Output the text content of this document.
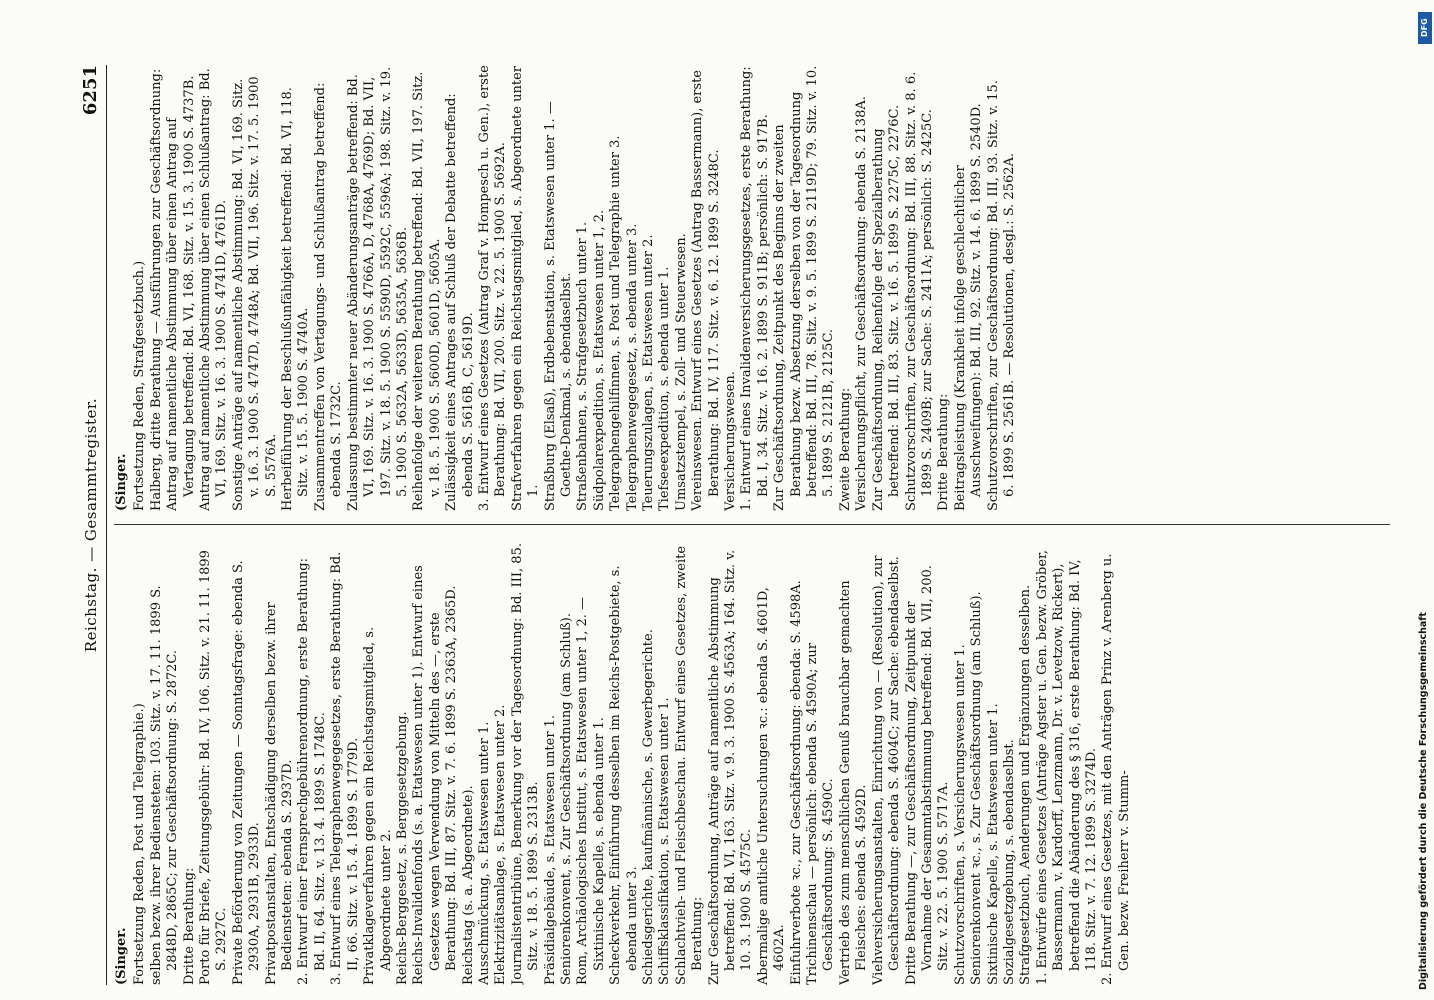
Reichstag. — Gesammtregister.
6251

(Singer. Fortsetzung Reden, Post und Telegraphie.) selben bezw. ihrer Bediensteten: 103. Sitz. v. 17. 11. 1899 S. 2848D, 2865C; zur Geschäftsordnung: S. 2872C. Dritte Berathung: Porto für Briefe, Zeitungsgebühr: Bd. IV, 106. Sitz. v. 21. 11. 1899 S. 2927C. Private Beförderung von Zeitungen — Sonntagsfrage: ebenda S. 2930A, 2931B, 2933D. Privatpostanstalten, Entschädigung derselben bezw. ihrer Bediensteten: ebenda S. 2937D. 2. Entwurf einer Fernsprechgebührenordnung, erste Berathung: Bd. II, 64. Sitz. v. 13. 4. 1899 S. 1748C. 3. Entwurf eines Telegraphenwegegesetzes, erste Berathung: Bd. II, 66. Sitz. v. 15. 4. 1899 S. 1779D. Privatklageverfahren gegen ein Reichstagsmitglied, s. Abgeordnete unter 2. Reichs-Berggesetz, s. Berggesetzgebung. Reichs-Invalidenfonds (s. a. Etatswesen unter 1). Entwurf eines Gesetzes wegen Verwendung von Mitteln des —, erste Berathung: Bd. III, 87. Sitz. v. 7. 6. 1899 S. 2363A, 2365D. Reichstag (s. a. Abgeordnete). Ausschmückung, s. Etatswesen unter 1. Elektrizitätsanlage, s. Etatswesen unter 2. Journalistentribüne, Bemerkung vor der Tagesordnung: Bd. III, 85. Sitz. v. 18. 5. 1899 S. 2313B. Präsidialgebäude, s. Etatswesen unter 1. Seniorenkonvent, s. Zur Geschäftsordnung (am Schluß). Rom, Archäologisches Institut, s. Etatswesen unter 1, 2. — Sixtinische Kapelle, s. ebenda unter 1. Scheckverkehr, Einführung desselben im Reichs-Postgebiete, s. ebenda unter 3. Schiedsgerichte, kaufmännische, s. Gewerbegerichte. Schiffsklassifikation, s. Etatswesen unter 1. Schlachtvieh- und Fleischbeschau. Entwurf eines Gesetzes, zweite Berathung: Zur Geschäftsordnung, Anträge auf namentliche Abstimmung betreffend: Bd. VI, 163. Sitz. v. 9. 3. 1900 S. 4563A; 164. Sitz. v. 10. 3. 1900 S. 4575C. Abermalige amtliche Untersuchungen ꝛc.: ebenda S. 4601D, 4602A. Einfuhrverbote ꝛc., zur Geschäftsordnung: ebenda: S. 4598A. Trichinenschau — persönlich: ebenda S. 4590A; zur Geschäftsordnung: S. 4590C. Vertrieb des zum menschlichen Genuß brauchbar gemachten Fleisches: ebenda S. 4592D. Viehversicherungsanstalten, Einrichtung von — (Resolution), zur Geschäftsordnung: ebenda S. 4604C; zur Sache: ebendaselbst. Dritte Berathung —, zur Geschäftsordnung, Zeitpunkt der Vornahme der Gesammtabstimmung betreffend: Bd. VII, 200. Sitz. v. 22. 5. 1900 S. 5717A. Schutzvorschriften, s. Versicherungswesen unter 1. Seniorenkonvent ꝛc., s. Zur Geschäftsordnung (am Schluß). Sixtinische Kapelle, s. Etatswesen unter 1. Sozialgesetzgebung, s. ebendaselbst. Strafgesetzbuch, Aenderungen und Ergänzungen desselben. 1. Entwürfe eines Gesetzes (Anträge Agster u. Gen. bezw. Gröber, Bassermann, v. Kardorff, Lenzmann, Dr. v. Levetzow, Rickert), betreffend die Abänderung des § 316, erste Berathung: Bd. IV, 118. Sitz. v. 7. 12. 1899 S. 3274D. 2. Entwurf eines Gesetzes, mit den Anträgen Prinz v. Arenberg u. Gen. bezw. Freiherr v. Stumm-

(Singer. Fortsetzung Reden, Strafgesetzbuch.) Halberg, dritte Berathung — Ausführungen zur Geschäftsordnung: Antrag auf namentliche Abstimmung über einen Antrag auf Vertagung betreffend: Bd. VI, 168. Sitz. v. 15. 3. 1900 S. 4737B. Antrag auf namentliche Abstimmung über einen Schlußantrag: Bd. VI, 169. Sitz. v. 16. 3. 1900 S. 4741D, 4761D. Sonstige Anträge auf namentliche Abstimmung: Bd. VI, 169. Sitz. v. 16. 3. 1900 S. 4747D, 4748A; Bd. VII, 196. Sitz. v. 17. 5. 1900 S. 5576A. Herbeiführung der Beschlußunfähigkeit betreffend: Bd. VI, 118. Sitz. v. 15. 5. 1900 S. 4740A. Zusammentreffen von Vertagungs- und Schlußantrag betreffend: ebenda S. 1732C. Zulassung bestimmter neuer Abänderungsanträge betreffend: Bd. VI, 169. Sitz. v. 16. 3. 1900 S. 4766A, D, 4768A, 4769D; Bd. VII, 197. Sitz. v. 18. 5. 1900 S. 5590D, 5592C, 5596A; 198. Sitz. v. 19. 5. 1900 S. 5632A, 5633D, 5635A, 5636B. Reihenfolge der weiteren Berathung betreffend: Bd. VII, 197. Sitz. v. 18. 5. 1900 S. 5600D, 5601D, 5605A. Zulässigkeit eines Antrages auf Schluß der Debatte betreffend: ebenda S. 5616B, C, 5619D. 3. Entwurf eines Gesetzes (Antrag Graf v. Hompesch u. Gen.), erste Berathung: Bd. VII, 200. Sitz. v. 22. 5. 1900 S. 5692A. Strafverfahren gegen ein Reichstagsmitglied, s. Abgeordnete unter 1. Straßburg (Elsaß), Erdbebenstation, s. Etatswesen unter 1. — Goethe-Denkmal, s. ebendaselbst. Straßenbahnen, s. Strafgesetzbuch unter 1. Südpolarexpedition, s. Etatswesen unter 1, 2. Telegraphengehilfinnen, s. Post und Telegraphie unter 3. Telegraphenwegegesetz, s. ebenda unter 3. Teuerungszulagen, s. Etatswesen unter 2. Tiefseeexpedition, s. ebenda unter 1. Umsatzstempel, s. Zoll- und Steuerwesen. Vereinswesen. Entwurf eines Gesetzes (Antrag Bassermann), erste Berathung: Bd. IV, 117. Sitz. v. 6. 12. 1899 S. 3248C. Versicherungswesen. 1. Entwurf eines Invalidenversicherungsgesetzes, erste Berathung: Bd. I, 34. Sitz. v. 16. 2. 1899 S. 911B; persönlich: S. 917B. Zur Geschäftsordnung, Zeitpunkt des Beginns der zweiten Berathung bezw. Absetzung derselben von der Tagesordnung betreffend: Bd. III, 78. Sitz. v. 9. 5. 1899 S. 2119D; 79. Sitz. v. 10. 5. 1899 S. 2121B, 2125C. Zweite Berathung: Versicherungspflicht, zur Geschäftsordnung: ebenda S. 2138A. Zur Geschäftsordnung, Reihenfolge der Spezialberathung betreffend: Bd. III, 83. Sitz. v. 16. 5. 1899 S. 2275C, 2276C. Schutzvorschriften, zur Geschäftsordnung: Bd. III, 88. Sitz. v. 8. 6. 1899 S. 2409B; zur Sache: S. 2411A; persönlich: S. 2425C. Dritte Berathung: Beitragsleistung (Krankheit infolge geschlechtlicher Ausschweifungen): Bd. III, 92. Sitz. v. 14. 6. 1899 S. 2540D. Schutzvorschriften, zur Geschäftsordnung: Bd. III, 93. Sitz. v. 15. 6. 1899 S. 2561B. — Resolutionen, desgl.: S. 2562A.

Digitalisierung gefördert durch die Deutsche Forschungsgemeinschaft
DFG
